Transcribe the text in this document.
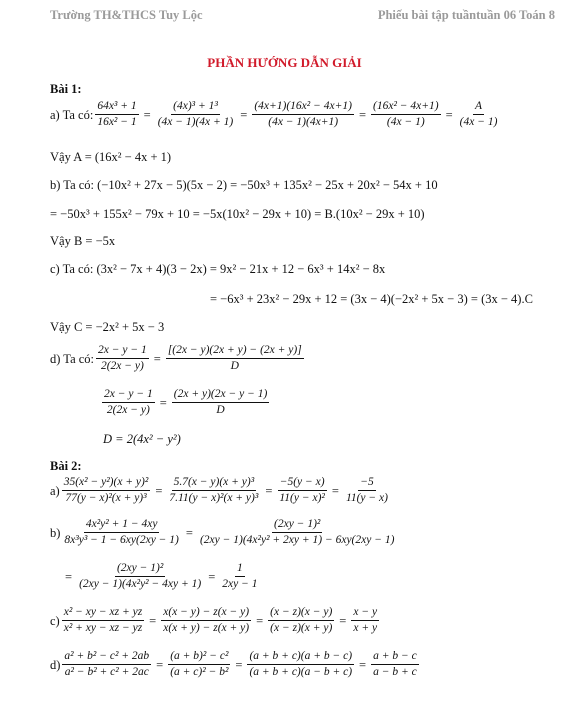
Trường TH&THCS Tuy Lộc	Phiếu bài tập tuầntuần 06 Toán 8
PHẦN HƯỚNG DẪN GIẢI
Bài 1:
a) Ta có: $\frac{\text{64x³ + 1}}{\text{16x² − 1}} = \frac{\text{(4x)³ + 1³}}{(4x - 1)(4x + 1)} = \frac{\text{(4x+1)(16x² − 4x+1)}}{(4x - 1)(4x+1)} = \frac{\text{(16x² − 4x+1)}}{(4x - 1)} = \frac{A}{(4x - 1)}$
Vậy A = (16x² − 4x + 1)
b) Ta có: (−10x² + 27x − 5)(5x − 2) = −50x³ + 135x² − 25x + 20x² − 54x + 10
= −50x³ + 155x² − 79x + 10 = −5x(10x² − 29x + 10) = B.(10x² − 29x + 10)
Vậy B = −5x
c) Ta có: (3x² − 7x + 4)(3 − 2x) = 9x² − 21x + 12 − 6x³ + 14x² − 8x
= −6x³ + 23x² − 29x + 12 = (3x − 4)(−2x² + 5x − 3) = (3x − 4).C
Vậy C = −2x² + 5x − 3
d) Ta có: $\frac{2x - y - 1}{2(2x - y)} = \frac{[(2x - y)(2x + y) - (2x + y)]}{D}$
$\frac{2x - y - 1}{2(2x - y)} = \frac{(2x + y)(2x - y - 1)}{D}$
D = 2(4x² − y²)
Bài 2:
$a) \frac{\text{35(x² − y²)(x + y)²}}{\text{77(y − x)²(x + y)³}} = \frac{\text{5.7(x − y)(x + y)³}}{\text{7.11(y − x)²(x + y)³}} = \frac{-5(y - x)}{\text{11(y − x)²}} = \frac{-5}{11(y - x)}$
$b) \frac{\text{4x²y² + 1 − 4xy}}{\text{8x³y³ − 1 − 6xy(2xy − 1)}} = \frac{\text{(2xy − 1)²}}{\text{(2xy − 1)(4x²y² + 2xy + 1) − 6xy(2xy − 1)}}$
= $\frac{\text{(2xy − 1)²}}{\text{(2xy − 1)(4x²y² − 4xy + 1)}} = \frac{1}{2xy - 1}$
$c) \frac{\text{x² − xy − xz + yz}}{\text{x² + xy − xz − yz}} = \frac{x(x - y) - z(x - y)}{x(x + y) - z(x + y)} = \frac{(x - z)(x - y)}{(x - z)(x + y)} = \frac{x - y}{x + y}$
$d) \frac{\text{a² + b² − c² + 2ab}}{\text{a² − b² + c² + 2ac}} = \frac{\text{(a + b)² − c²}}{\text{(a + c)² − b²}} = \frac{(a + b + c)(a + b - c)}{(a + b + c)(a - b + c)} = \frac{a + b - c}{a - b + c}$
